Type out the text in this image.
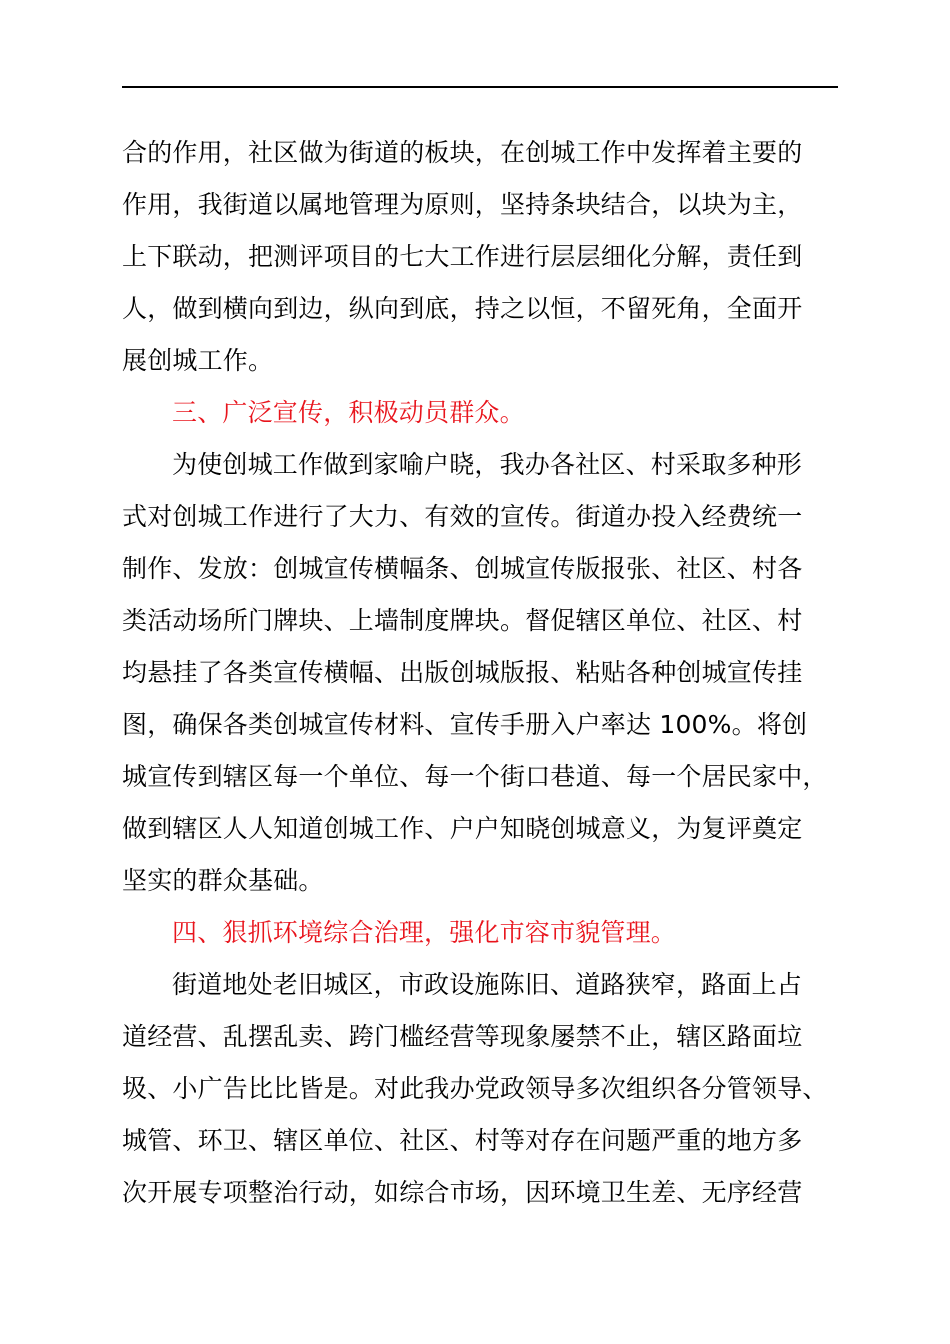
合的作用，社区做为街道的板块，在创城工作中发挥着主要的
作用，我街道以属地管理为原则，坚持条块结合，以块为主，
上下联动，把测评项目的七大工作进行层层细化分解，责任到
人，做到横向到边，纵向到底，持之以恒，不留死角，全面开
展创城工作。
三、广泛宣传，积极动员群众。
为使创城工作做到家喻户晓，我办各社区、村采取多种形
式对创城工作进行了大力、有效的宣传。街道办投入经费统一
制作、发放：创城宣传横幅条、创城宣传版报张、社区、村各
类活动场所门牌块、上墙制度牌块。督促辖区单位、社区、村
均悬挂了各类宣传横幅、出版创城版报、粘贴各种创城宣传挂
图，确保各类创城宣传材料、宣传手册入户率达 100%。将创
城宣传到辖区每一个单位、每一个街口巷道、每一个居民家中，
做到辖区人人知道创城工作、户户知晓创城意义，为复评奠定
坚实的群众基础。
四、狠抓环境综合治理，强化市容市貌管理。
街道地处老旧城区，市政设施陈旧、道路狭窄，路面上占
道经营、乱摆乱卖、跨门槛经营等现象屡禁不止，辖区路面垃
圾、小广告比比皆是。对此我办党政领导多次组织各分管领导、
城管、环卫、辖区单位、社区、村等对存在问题严重的地方多
次开展专项整治行动，如综合市场，因环境卫生差、无序经营
